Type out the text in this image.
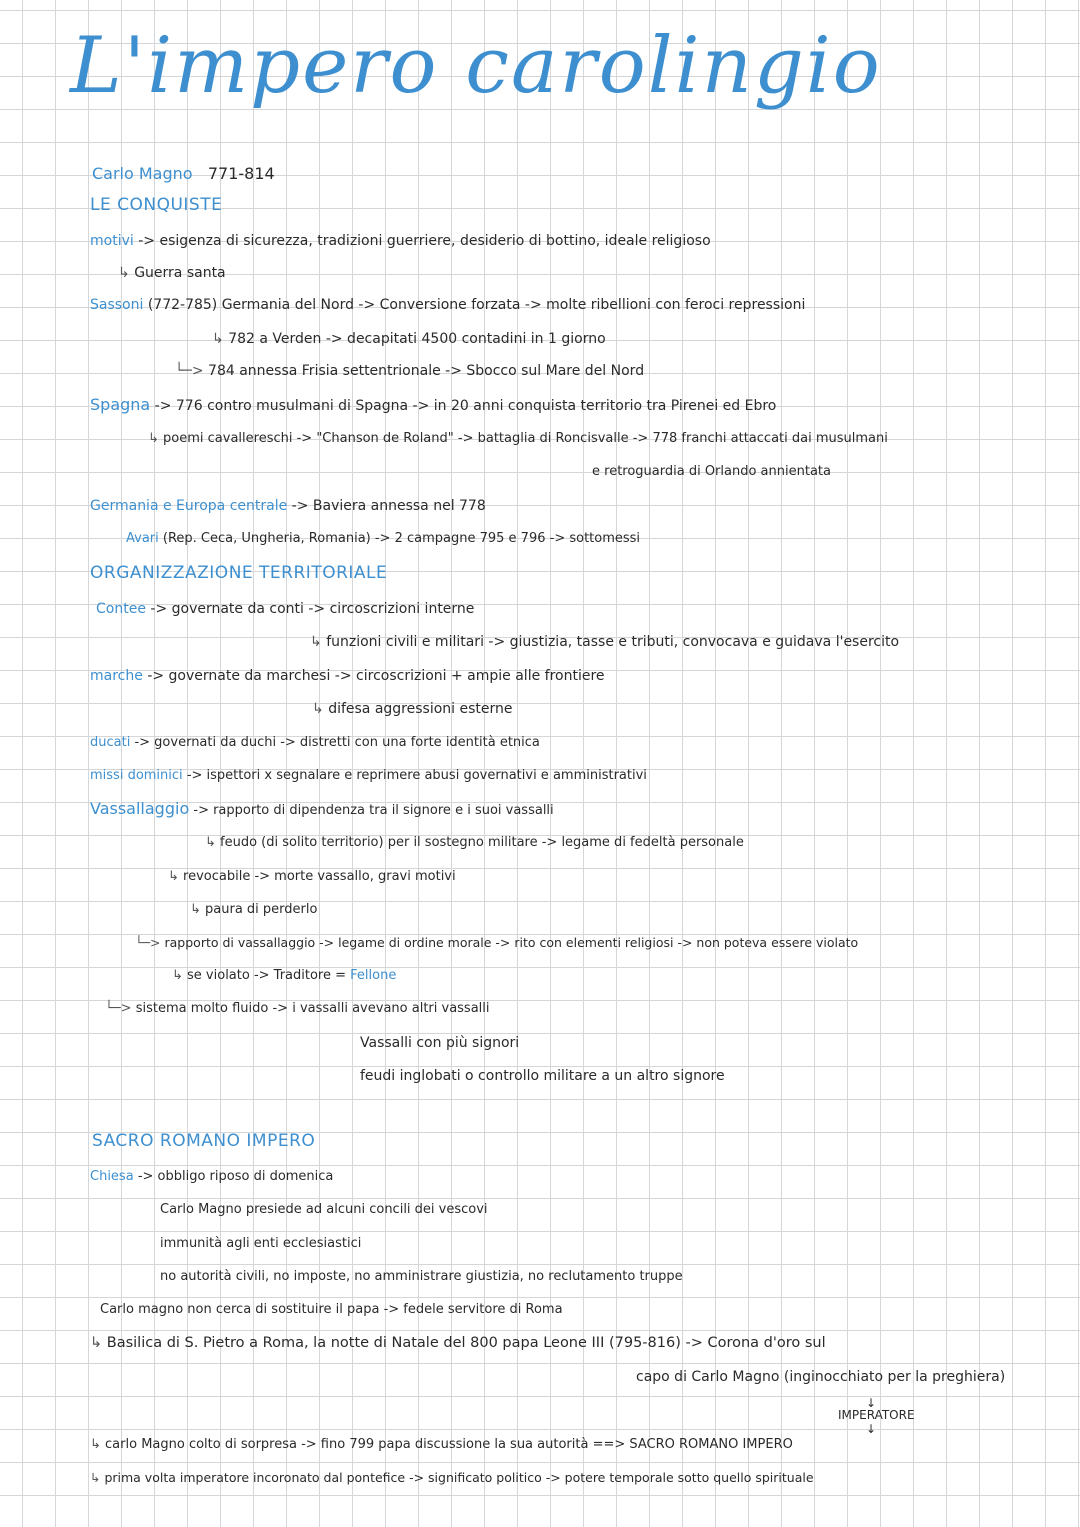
L'impero carolingio
Carlo Magno 771-814
LE CONQUISTE
motivi -> esigenza di sicurezza, tradizioni guerriere, desiderio di bottino, ideale religioso
↳ Guerra santa
Sassoni (772-785) Germania del Nord -> Conversione forzata -> molte ribellioni con feroci repressioni
↳ 782 a Verden -> decapitati 4500 contadini in 1 giorno
└─> 784 annessa Frisia settentrionale -> Sbocco sul Mare del Nord
Spagna -> 776 contro musulmani di Spagna -> in 20 anni conquista territorio tra Pirenei ed Ebro
↳ poemi cavallereschi -> "Chanson de Roland" -> battaglia di Roncisvalle -> 778 franchi attaccati dai musulmani
e retroguardia di Orlando annientata
Germania e Europa centrale -> Baviera annessa nel 778
Avari (Rep. Ceca, Ungheria, Romania) -> 2 campagne 795 e 796 -> sottomessi
ORGANIZZAZIONE TERRITORIALE
Contee -> governate da conti -> circoscrizioni interne
↳ funzioni civili e militari -> giustizia, tasse e tributi, convocava e guidava l'esercito
marche -> governate da marchesi -> circoscrizioni + ampie alle frontiere
↳ difesa aggressioni esterne
ducati -> governati da duchi -> distretti con una forte identità etnica
missi dominici -> ispettori x segnalare e reprimere abusi governativi e amministrativi
Vassallaggio -> rapporto di dipendenza tra il signore e i suoi vassalli
↳ feudo (di solito territorio) per il sostegno militare -> legame di fedeltà personale
↳ revocabile -> morte vassallo, gravi motivi
↳ paura di perderlo
└─> rapporto di vassallaggio -> legame di ordine morale -> rito con elementi religiosi -> non poteva essere violato
↳ se violato -> Traditore = Fellone
└─> sistema molto fluido -> i vassalli avevano altri vassalli
Vassalli con più signori
feudi inglobati o controllo militare a un altro signore
SACRO ROMANO IMPERO
Chiesa -> obbligo riposo di domenica
Carlo Magno presiede ad alcuni concili dei vescovi
immunità agli enti ecclesiastici
no autorità civili, no imposte, no amministrare giustizia, no reclutamento truppe
Carlo magno non cerca di sostituire il papa -> fedele servitore di Roma
↳ Basilica di S. Pietro a Roma, la notte di Natale del 800 papa Leone III (795-816) -> Corona d'oro sul
capo di Carlo Magno (inginocchiato per la preghiera)
↓
IMPERATORE
↓
↳ carlo Magno colto di sorpresa -> fino 799 papa discussione la sua autorità ==> SACRO ROMANO IMPERO
↳ prima volta imperatore incoronato dal pontefice -> significato politico -> potere temporale sotto quello spirituale
